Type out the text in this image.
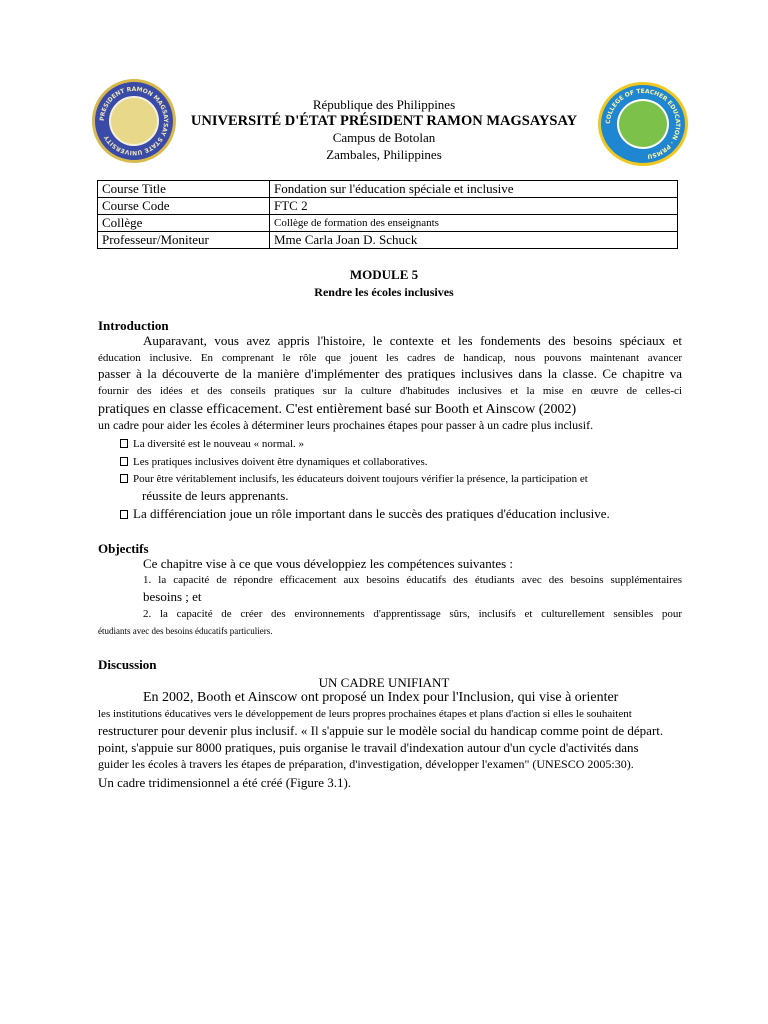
PRESIDENT RAMON MAGSAYSAY STATE UNIVERSITY
COLLEGE OF TEACHER EDUCATION · PRMSU
République des Philippines
UNIVERSITÉ D'ÉTAT PRÉSIDENT RAMON MAGSAYSAY
Campus de Botolan
Zambales, Philippines
Course Title	Fondation sur l'éducation spéciale et inclusive
Course Code	FTC 2
Collège	Collège de formation des enseignants
Professeur/Moniteur	Mme Carla Joan D. Schuck
MODULE 5
Rendre les écoles inclusives
Introduction
Auparavant, vous avez appris l'histoire, le contexte et les fondements des besoins spéciaux et
éducation inclusive. En comprenant le rôle que jouent les cadres de handicap, nous pouvons maintenant avancer
passer à la découverte de la manière d'implémenter des pratiques inclusives dans la classe. Ce chapitre va
fournir des idées et des conseils pratiques sur la culture d'habitudes inclusives et la mise en œuvre de celles-ci
pratiques en classe efficacement. C'est entièrement basé sur Booth et Ainscow (2002)
un cadre pour aider les écoles à déterminer leurs prochaines étapes pour passer à un cadre plus inclusif.
La diversité est le nouveau « normal. »
Les pratiques inclusives doivent être dynamiques et collaboratives.
Pour être véritablement inclusifs, les éducateurs doivent toujours vérifier la présence, la participation et
réussite de leurs apprenants.
La différenciation joue un rôle important dans le succès des pratiques d'éducation inclusive.
Objectifs
Ce chapitre vise à ce que vous développiez les compétences suivantes :
1. la capacité de répondre efficacement aux besoins éducatifs des étudiants avec des besoins supplémentaires
besoins ; et
2. la capacité de créer des environnements d'apprentissage sûrs, inclusifs et culturellement sensibles pour
étudiants avec des besoins éducatifs particuliers.
Discussion
UN CADRE UNIFIANT
En 2002, Booth et Ainscow ont proposé un Index pour l'Inclusion, qui vise à orienter
les institutions éducatives vers le développement de leurs propres prochaines étapes et plans d'action si elles le souhaitent
restructurer pour devenir plus inclusif. « Il s'appuie sur le modèle social du handicap comme point de départ.
point, s'appuie sur 8000 pratiques, puis organise le travail d'indexation autour d'un cycle d'activités dans
guider les écoles à travers les étapes de préparation, d'investigation, développer l'examen" (UNESCO 2005:30).
Un cadre tridimensionnel a été créé (Figure 3.1).
